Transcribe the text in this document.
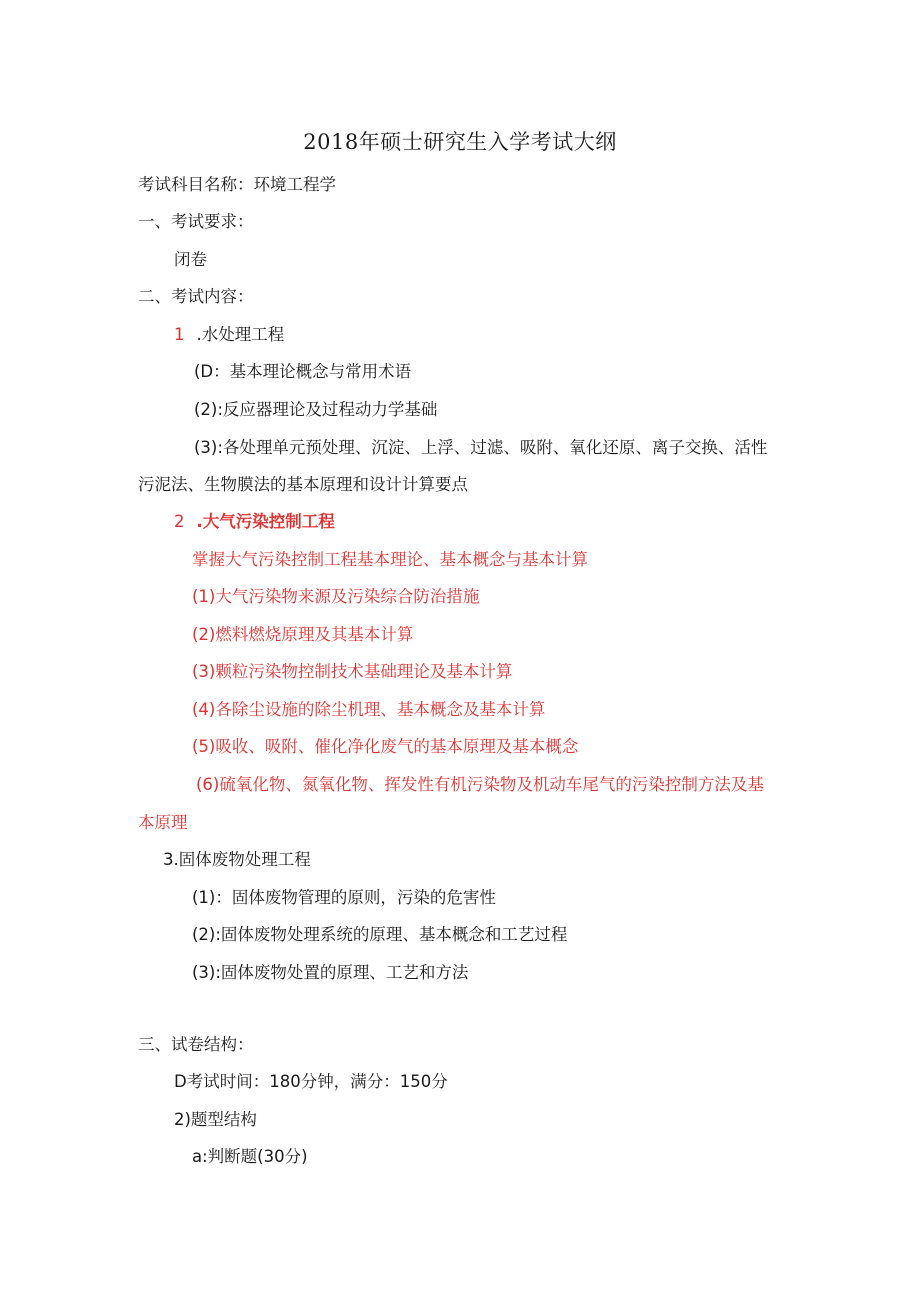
2018年硕士研究生入学考试大纲
考试科目名称：环境工程学
一、考试要求：
闭卷
二、考试内容：
1 .水处理工程
(D：基本理论概念与常用术语
(2):反应器理论及过程动力学基础
(3):各处理单元预处理、沉淀、上浮、过滤、吸附、氧化还原、离子交换、活性
污泥法、生物膜法的基本原理和设计计算要点
2 .大气污染控制工程
掌握大气污染控制工程基本理论、基本概念与基本计算
(1)大气污染物来源及污染综合防治措施
(2)燃料燃烧原理及其基本计算
(3)颗粒污染物控制技术基础理论及基本计算
(4)各除尘设施的除尘机理、基本概念及基本计算
(5)吸收、吸附、催化净化废气的基本原理及基本概念
(6)硫氧化物、氮氧化物、挥发性有机污染物及机动车尾气的污染控制方法及基
本原理
3.固体废物处理工程
(1)：固体废物管理的原则，污染的危害性
(2):固体废物处理系统的原理、基本概念和工艺过程
(3):固体废物处置的原理、工艺和方法
三、试卷结构：
D考试时间：180分钟，满分：150分
2)题型结构
a:判断题(30分)
